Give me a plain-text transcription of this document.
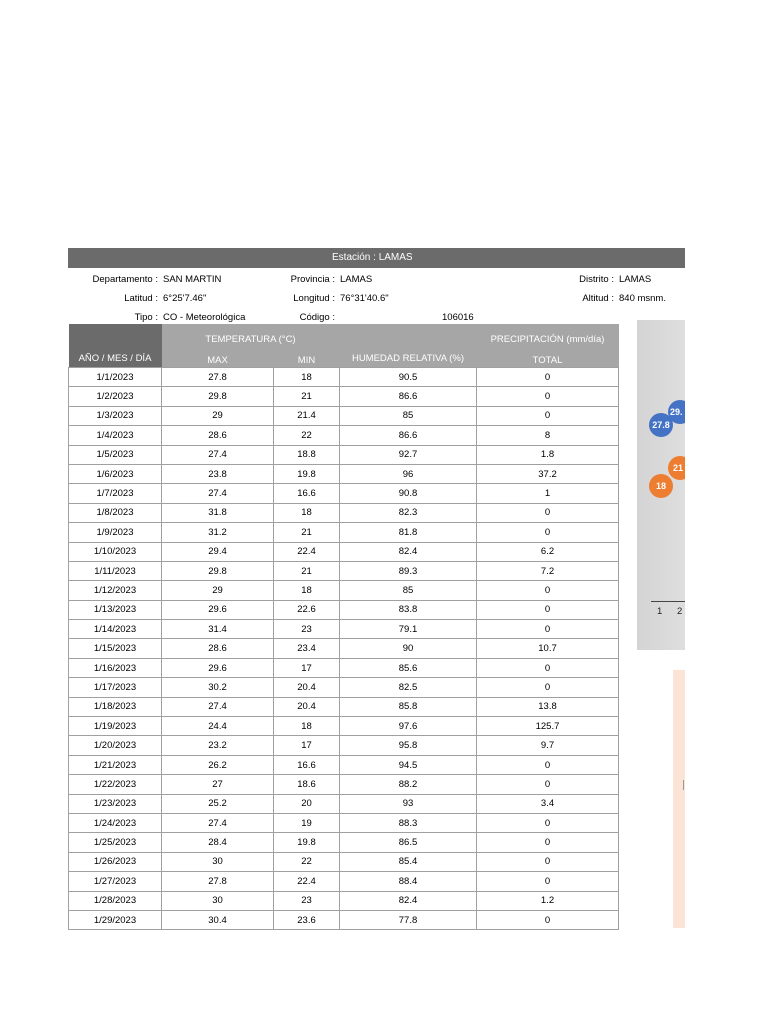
Estación : LAMAS
Departamento : SAN MARTIN	Provincia : LAMAS	Distrito : LAMAS
Latitud : 6°25'7.46"	Longitud : 76°31'40.6"	Altitud : 840 msnm.
Tipo : CO - Meteorológica	Código :	106016
AÑO / MES / DÍA	TEMPERATURA (°C)		HUMEDAD RELATIVA (%)	PRECIPITACIÓN (mm/día)
	MAX	MIN		TOTAL
1/1/2023	27.8	18	90.5	0
1/2/2023	29.8	21	86.6	0
1/3/2023	29	21.4	85	0
1/4/2023	28.6	22	86.6	8
1/5/2023	27.4	18.8	92.7	1.8
1/6/2023	23.8	19.8	96	37.2
1/7/2023	27.4	16.6	90.8	1
1/8/2023	31.8	18	82.3	0
1/9/2023	31.2	21	81.8	0
1/10/2023	29.4	22.4	82.4	6.2
1/11/2023	29.8	21	89.3	7.2
1/12/2023	29	18	85	0
1/13/2023	29.6	22.6	83.8	0
1/14/2023	31.4	23	79.1	0
1/15/2023	28.6	23.4	90	10.7
1/16/2023	29.6	17	85.6	0
1/17/2023	30.2	20.4	82.5	0
1/18/2023	27.4	20.4	85.8	13.8
1/19/2023	24.4	18	97.6	125.7
1/20/2023	23.2	17	95.8	9.7
1/21/2023	26.2	16.6	94.5	0
1/22/2023	27	18.6	88.2	0
1/23/2023	25.2	20	93	3.4
1/24/2023	27.4	19	88.3	0
1/25/2023	28.4	19.8	86.5	0
1/26/2023	30	22	85.4	0
1/27/2023	27.8	22.4	88.4	0
1/28/2023	30	23	82.4	1.2
1/29/2023	30.4	23.6	77.8	0
27.8
29.
18
21
1 2
